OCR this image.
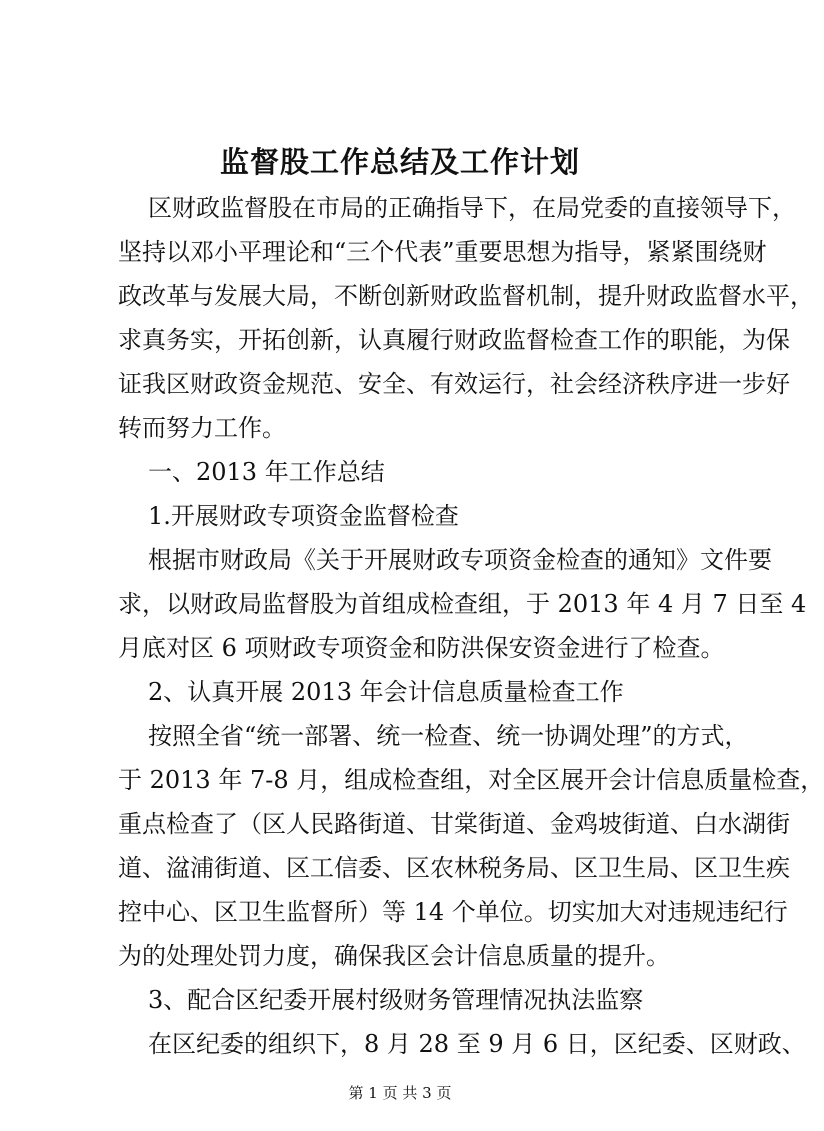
监督股工作总结及工作计划

区财政监督股在市局的正确指导下，在局党委的直接领导下，

坚持以邓小平理论和“三个代表”重要思想为指导，紧紧围绕财

政改革与发展大局，不断创新财政监督机制，提升财政监督水平，

求真务实，开拓创新，认真履行财政监督检查工作的职能，为保

证我区财政资金规范、安全、有效运行，社会经济秩序进一步好

转而努力工作。

一、2013 年工作总结

1.开展财政专项资金监督检查

根据市财政局《关于开展财政专项资金检查的通知》文件要

求，以财政局监督股为首组成检查组，于 2013 年 4 月 7 日至 4

月底对区 6 项财政专项资金和防洪保安资金进行了检查。

2、认真开展 2013 年会计信息质量检查工作

按照全省“统一部署、统一检查、统一协调处理”的方式，

于 2013 年 7-8 月，组成检查组，对全区展开会计信息质量检查，

重点检查了（区人民路街道、甘棠街道、金鸡坡街道、白水湖街

道、湓浦街道、区工信委、区农林税务局、区卫生局、区卫生疾

控中心、区卫生监督所）等 14 个单位。切实加大对违规违纪行

为的处理处罚力度，确保我区会计信息质量的提升。

3、配合区纪委开展村级财务管理情况执法监察

在区纪委的组织下，8 月 28 至 9 月 6 日，区纪委、区财政、

第 1 页 共 3 页
